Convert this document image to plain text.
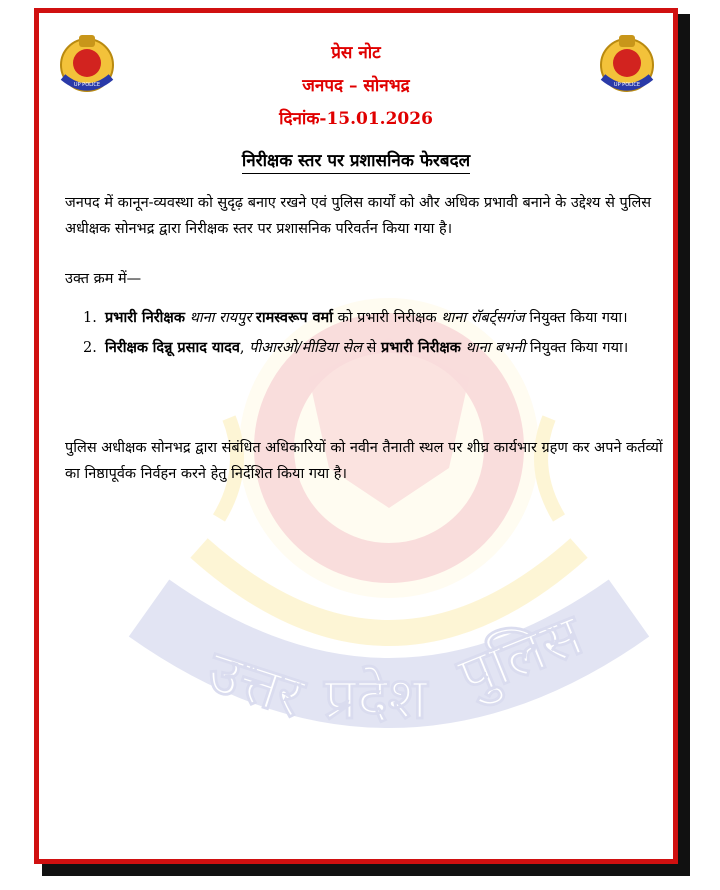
उत्तर प्रदेश पुलिस
UP POLICE	UP POLICE
प्रेस नोट
जनपद – सोनभद्र
दिनांक-15.01.2026
निरीक्षक स्तर पर प्रशासनिक फेरबदल
जनपद में कानून-व्यवस्था को सुदृढ़ बनाए रखने एवं पुलिस कार्यों को और अधिक प्रभावी बनाने के उद्देश्य से पुलिस अधीक्षक सोनभद्र द्वारा निरीक्षक स्तर पर प्रशासनिक परिवर्तन किया गया है।
उक्त क्रम में—
1. प्रभारी निरीक्षक थाना रायपुर रामस्वरूप वर्मा को प्रभारी निरीक्षक थाना रॉबर्ट्सगंज नियुक्त किया गया।
2. निरीक्षक दिन्नू प्रसाद यादव, पीआरओ/मीडिया सेल से प्रभारी निरीक्षक थाना बभनी नियुक्त किया गया।
पुलिस अधीक्षक सोनभद्र द्वारा संबंधित अधिकारियों को नवीन तैनाती स्थल पर शीघ्र कार्यभार ग्रहण कर अपने कर्तव्यों का निष्ठापूर्वक निर्वहन करने हेतु निर्देशित किया गया है।
